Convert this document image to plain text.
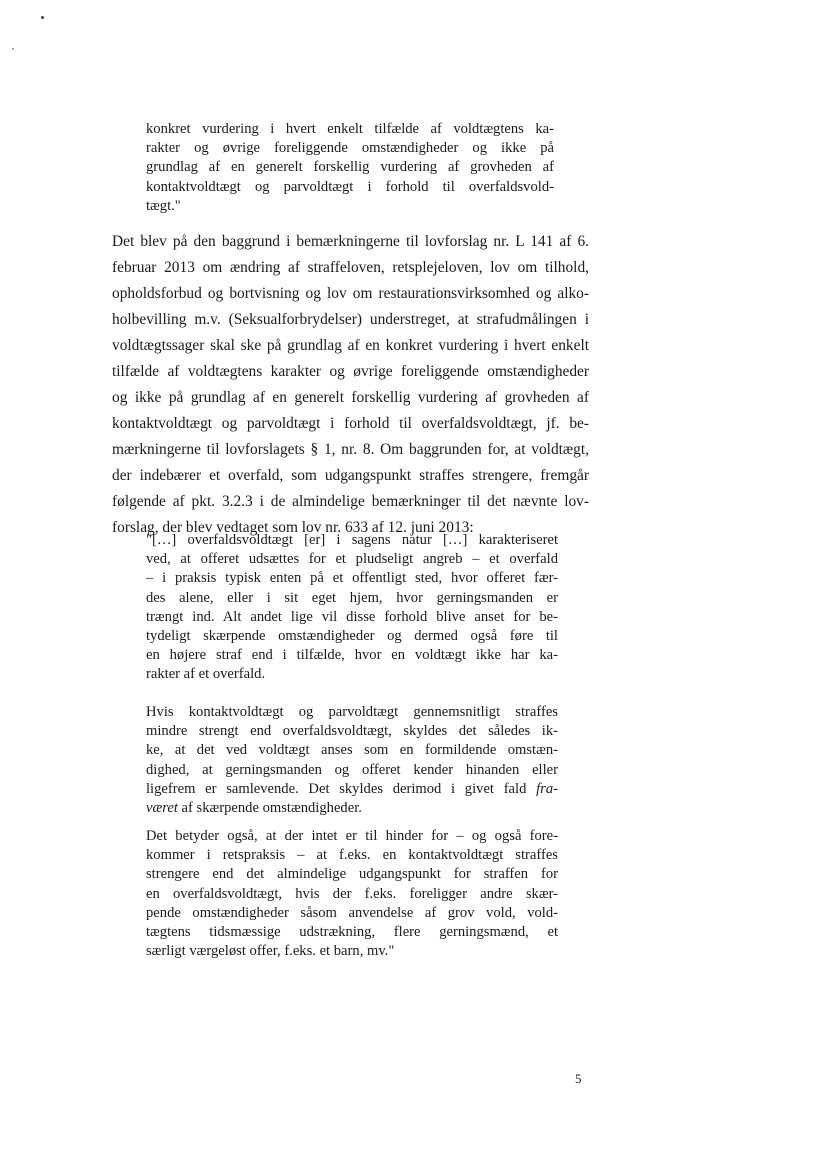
konkret vurdering i hvert enkelt tilfælde af voldtægtens ka-
rakter og øvrige foreliggende omstændigheder og ikke på
grundlag af en generelt forskellig vurdering af grovheden af
kontaktvoldtægt og parvoldtægt i forhold til overfaldsvold-
tægt."
Det blev på den baggrund i bemærkningerne til lovforslag nr. L 141 af 6.
februar 2013 om ændring af straffeloven, retsplejeloven, lov om tilhold,
opholdsforbud og bortvisning og lov om restaurationsvirksomhed og alko-
holbevilling m.v. (Seksualforbrydelser) understreget, at strafudmålingen i
voldtægtssager skal ske på grundlag af en konkret vurdering i hvert enkelt
tilfælde af voldtægtens karakter og øvrige foreliggende omstændigheder
og ikke på grundlag af en generelt forskellig vurdering af grovheden af
kontaktvoldtægt og parvoldtægt i forhold til overfaldsvoldtægt, jf. be-
mærkningerne til lovforslagets § 1, nr. 8. Om baggrunden for, at voldtægt,
der indebærer et overfald, som udgangspunkt straffes strengere, fremgår
følgende af pkt. 3.2.3 i de almindelige bemærkninger til det nævnte lov-
forslag, der blev vedtaget som lov nr. 633 af 12. juni 2013:
"[…] overfaldsvoldtægt [er] i sagens natur […] karakteriseret
ved, at offeret udsættes for et pludseligt angreb – et overfald
– i praksis typisk enten på et offentligt sted, hvor offeret fær-
des alene, eller i sit eget hjem, hvor gerningsmanden er
trængt ind. Alt andet lige vil disse forhold blive anset for be-
tydeligt skærpende omstændigheder og dermed også føre til
en højere straf end i tilfælde, hvor en voldtægt ikke har ka-
rakter af et overfald.
Hvis kontaktvoldtægt og parvoldtægt gennemsnitligt straffes
mindre strengt end overfaldsvoldtægt, skyldes det således ik-
ke, at det ved voldtægt anses som en formildende omstæn-
dighed, at gerningsmanden og offeret kender hinanden eller
ligefrem er samlevende. Det skyldes derimod i givet fald fra-
været af skærpende omstændigheder.
Det betyder også, at der intet er til hinder for – og også fore-
kommer i retspraksis – at f.eks. en kontaktvoldtægt straffes
strengere end det almindelige udgangspunkt for straffen for
en overfaldsvoldtægt, hvis der f.eks. foreligger andre skær-
pende omstændigheder såsom anvendelse af grov vold, vold-
tægtens tidsmæssige udstrækning, flere gerningsmænd, et
særligt værgeløst offer, f.eks. et barn, mv."
5
